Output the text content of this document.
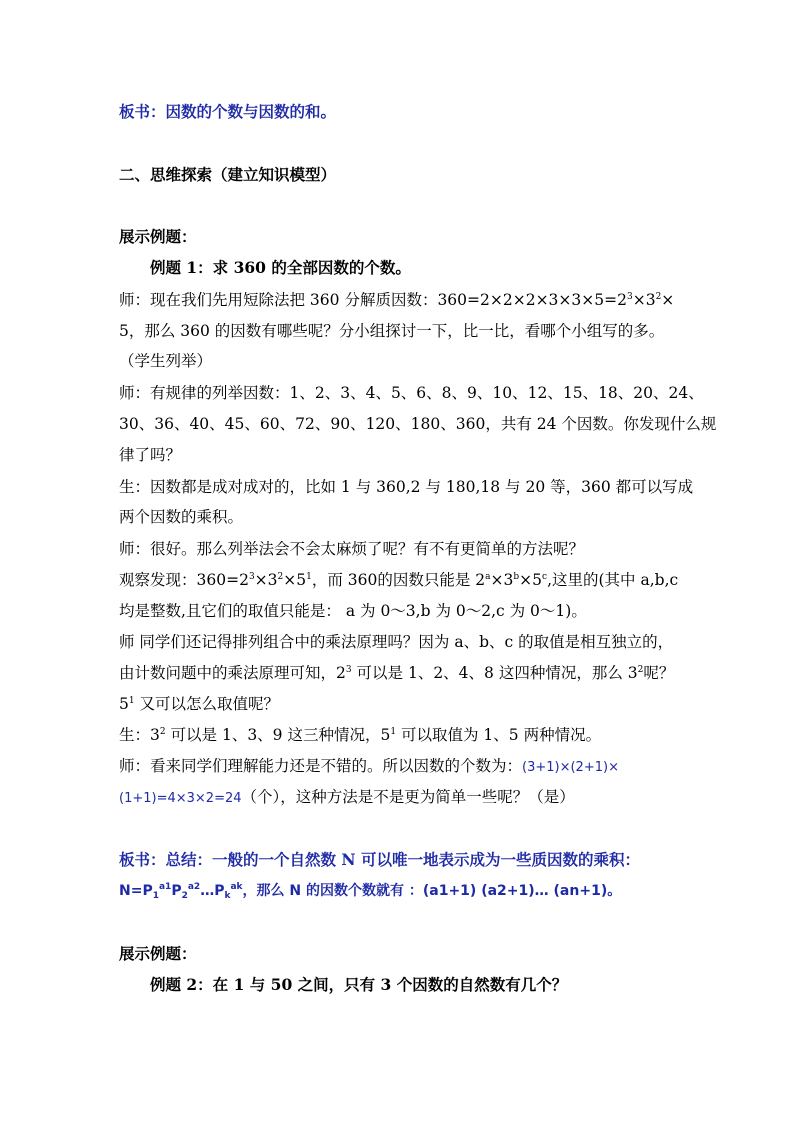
板书：因数的个数与因数的和。
二、思维探索（建立知识模型）
展示例题：
例题 1：求 360 的全部因数的个数。
师：现在我们先用短除法把 360 分解质因数：$360=2\times 2\times 2\times 3\times 3\times 5=2^3\times 3^2\times$
5，那么 360 的因数有哪些呢？分小组探讨一下，比一比，看哪个小组写的多。
（学生列举）
师：有规律的列举因数：1、2、3、4、5、6、8、9、10、12、15、18、20、24、
30、36、40、45、60、72、90、120、180、360，共有 24 个因数。你发现什么规
律了吗？
生：因数都是成对成对的，比如 1 与 360,2 与 180,18 与 20 等，360 都可以写成
两个因数的乘积。
师：很好。那么列举法会不会太麻烦了呢？有不有更简单的方法呢？
观察发现：$360=2^3\times 3^2\times 5^1$，而 360的因数只能是 $2^a\times 3^b\times 5^c$,这里的(其中 a,b,c
均是整数,且它们的取值只能是： a 为 0～3,b 为 0～2,c 为 0～1)。
师 同学们还记得排列组合中的乘法原理吗？因为 a、b、c 的取值是相互独立的，
由计数问题中的乘法原理可知，$2^3$ 可以是 1、2、4、8 这四种情况，那么 $3^2$呢？
$5^1$ 又可以怎么取值呢？
生：$3^2$ 可以是 1、3、9 这三种情况，$5^1$ 可以取值为 1、5 两种情况。
师：看来同学们理解能力还是不错的。所以因数的个数为：(3+1)×(2+1)×
(1+1)=4×3×2=24（个），这种方法是不是更为简单一些呢？（是）
板书：总结：一般的一个自然数 N 可以唯一地表示成为一些质因数的乘积：
$N=P_1^{a1}P_2^{a2}\dots P_k^{ak}$，那么 N 的因数个数就有 ：(a1+1) (a2+1)… (an+1)。
展示例题：
例题 2：在 1 与 50 之间，只有 3 个因数的自然数有几个？
